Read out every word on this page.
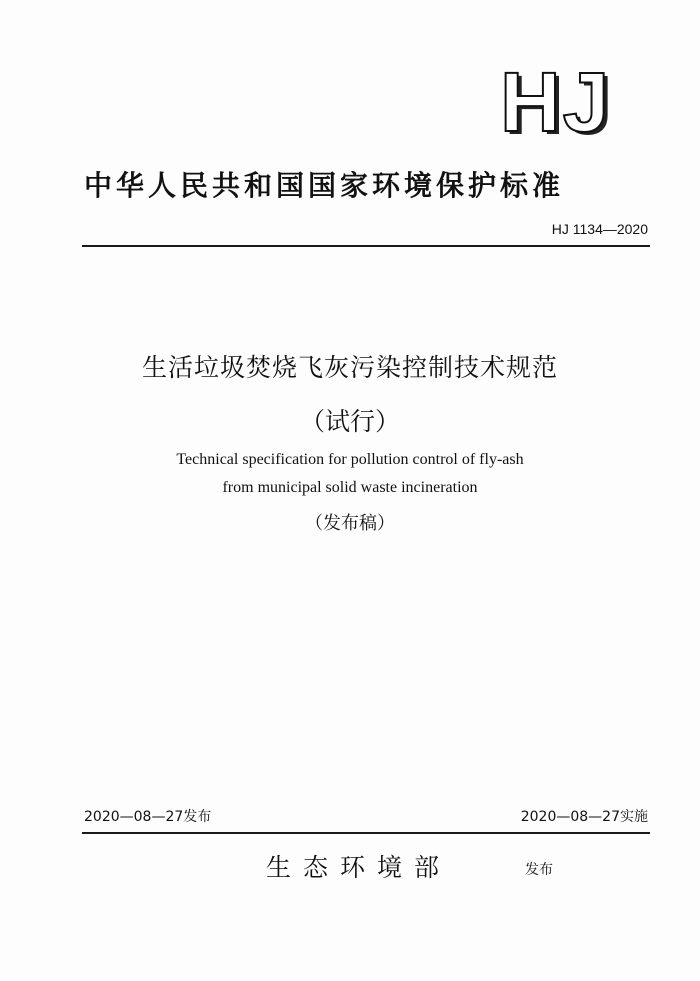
HJ
中华人民共和国国家环境保护标准
HJ 1134—2020
生活垃圾焚烧飞灰污染控制技术规范
（试行）
Technical specification for pollution control of fly-ash
from municipal solid waste incineration
（发布稿）
2020—08—27发布	2020—08—27实施
生态环境部	发布
